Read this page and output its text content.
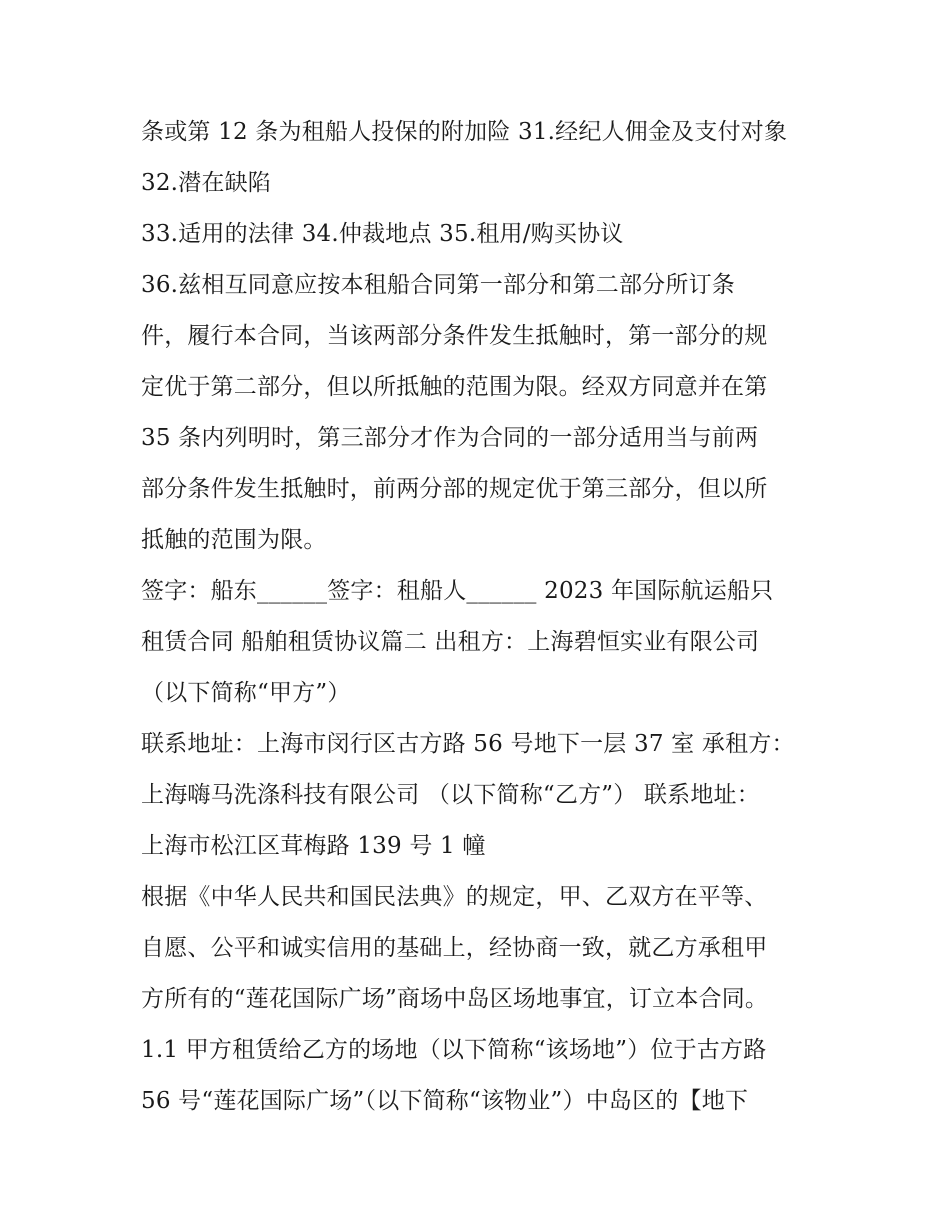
条或第 12 条为租船人投保的附加险 31.经纪人佣金及支付对象
32.潜在缺陷
33.适用的法律 34.仲裁地点 35.租用/购买协议
36.兹相互同意应按本租船合同第一部分和第二部分所订条
件，履行本合同，当该两部分条件发生抵触时，第一部分的规
定优于第二部分，但以所抵触的范围为限。经双方同意并在第
35 条内列明时，第三部分才作为合同的一部分适用当与前两
部分条件发生抵触时，前两分部的规定优于第三部分，但以所
抵触的范围为限。
签字：船东______签字：租船人______ 2023 年国际航运船只
租赁合同 船舶租赁协议篇二 出租方：上海碧恒实业有限公司
（以下简称“甲方”）
联系地址：上海市闵行区古方路 56 号地下一层 37 室 承租方：
上海嗨马洗涤科技有限公司 （以下简称“乙方”） 联系地址：
上海市松江区茸梅路 139 号 1 幢
根据《中华人民共和国民法典》的规定，甲、乙双方在平等、
自愿、公平和诚实信用的基础上，经协商一致，就乙方承租甲
方所有的“莲花国际广场”商场中岛区场地事宜，订立本合同。
1.1 甲方租赁给乙方的场地（以下简称“该场地”）位于古方路
56 号“莲花国际广场”（以下简称“该物业”）中岛区的【地下
